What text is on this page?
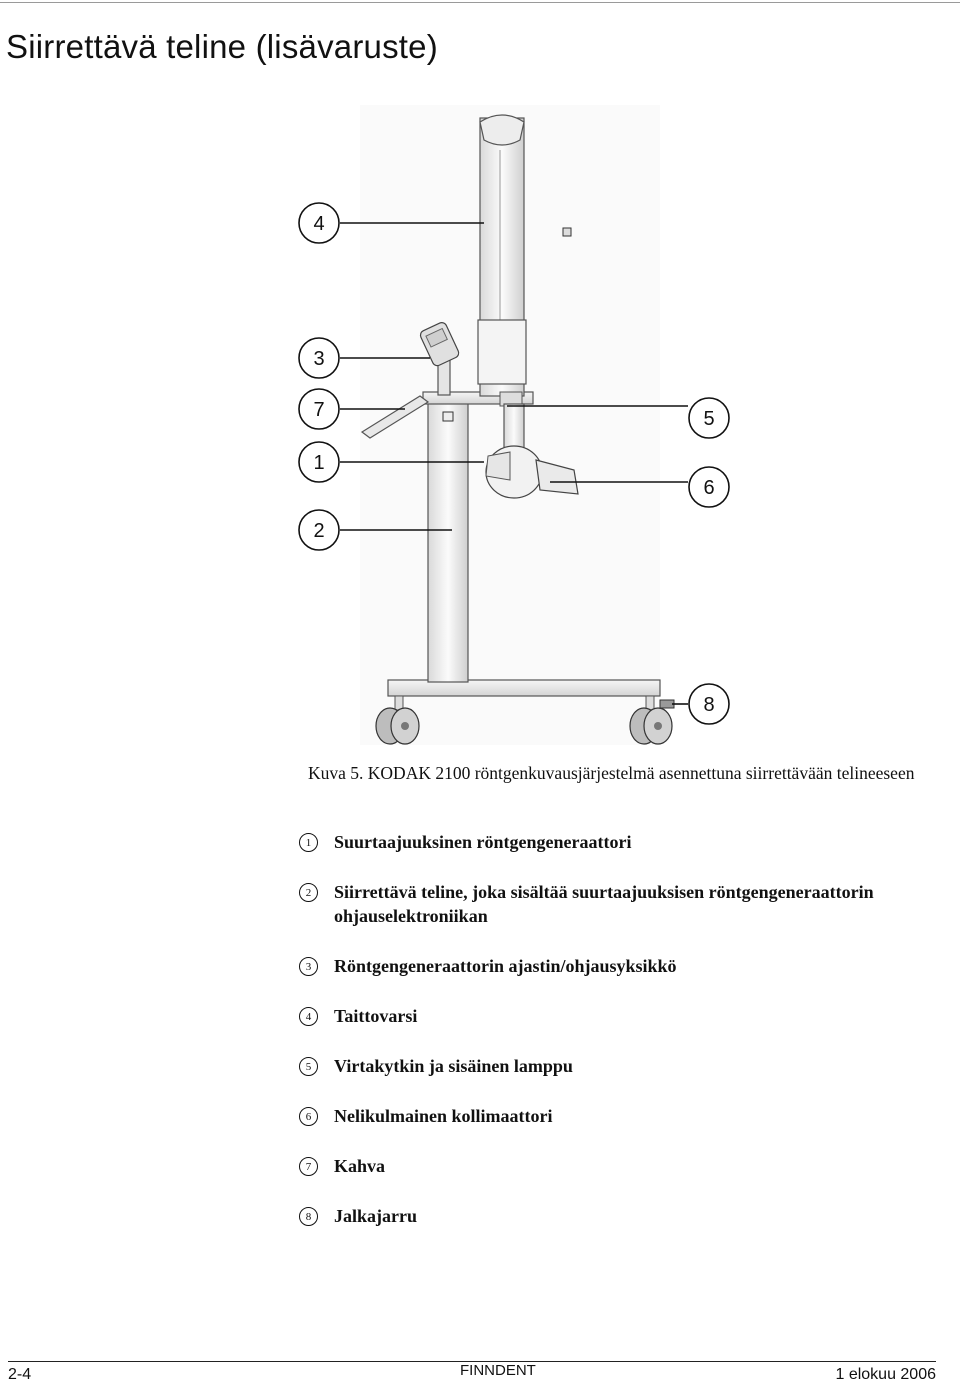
Siirrettävä teline (lisävaruste)
4
3
7
1
2
5
6
8
Kuva 5. KODAK 2100 röntgenkuvausjärjestelmä asennettuna siirrettävään telineeseen
1	Suurtaajuuksinen röntgengeneraattori
2	Siirrettävä teline, joka sisältää suurtaajuuksisen röntgengeneraattorin ohjauselektroniikan
3	Röntgengeneraattorin ajastin/ohjausyksikkö
4	Taittovarsi
5	Virtakytkin ja sisäinen lamppu
6	Nelikulmainen kollimaattori
7	Kahva
8	Jalkajarru
2-4	FINNDENT	1 elokuu 2006
